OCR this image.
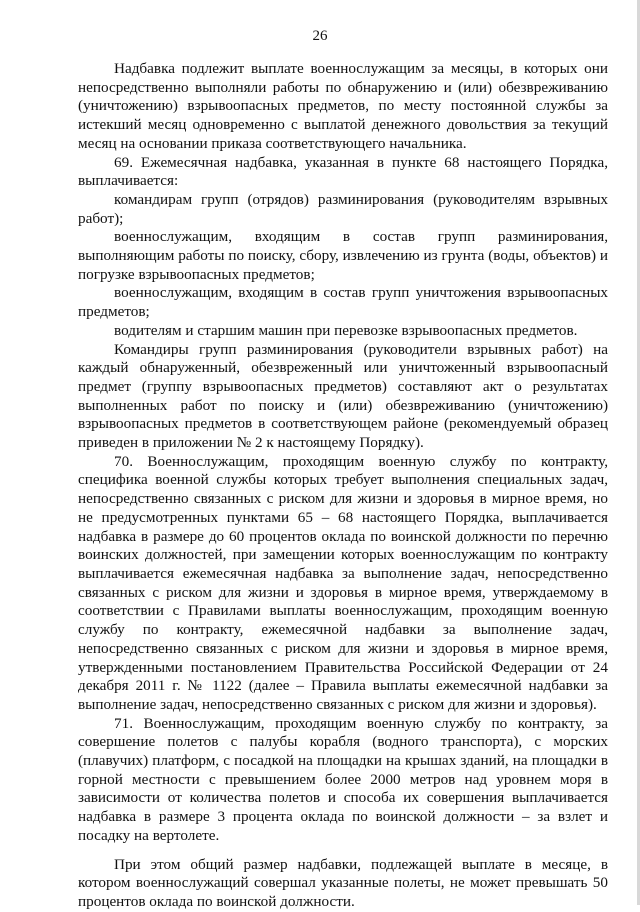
26

Надбавка подлежит выплате военнослужащим за месяцы, в которых они непосредственно выполняли работы по обнаружению и (или) обезвреживанию (уничтожению) взрывоопасных предметов, по месту постоянной службы за истекший месяц одновременно с выплатой денежного довольствия за текущий месяц на основании приказа соответствующего начальника.

69. Ежемесячная надбавка, указанная в пункте 68 настоящего Порядка, выплачивается:

командирам групп (отрядов) разминирования (руководителям взрывных работ);

военнослужащим, входящим в состав групп разминирования, выполняющим работы по поиску, сбору, извлечению из грунта (воды, объектов) и погрузке взрывоопасных предметов;

военнослужащим, входящим в состав групп уничтожения взрывоопасных предметов;

водителям и старшим машин при перевозке взрывоопасных предметов.

Командиры групп разминирования (руководители взрывных работ) на каждый обнаруженный, обезвреженный или уничтоженный взрывоопасный предмет (группу взрывоопасных предметов) составляют акт о результатах выполненных работ по поиску и (или) обезвреживанию (уничтожению) взрывоопасных предметов в соответствующем районе (рекомендуемый образец приведен в приложении № 2 к настоящему Порядку).

70. Военнослужащим, проходящим военную службу по контракту, специфика военной службы которых требует выполнения специальных задач, непосредственно связанных с риском для жизни и здоровья в мирное время, но не предусмотренных пунктами 65 – 68 настоящего Порядка, выплачивается надбавка в размере до 60 процентов оклада по воинской должности по перечню воинских должностей, при замещении которых военнослужащим по контракту выплачивается ежемесячная надбавка за выполнение задач, непосредственно связанных с риском для жизни и здоровья в мирное время, утверждаемому в соответствии с Правилами выплаты военнослужащим, проходящим военную службу по контракту, ежемесячной надбавки за выполнение задач, непосредственно связанных с риском для жизни и здоровья в мирное время, утвержденными постановлением Правительства Российской Федерации от 24 декабря 2011 г. № 1122 (далее – Правила выплаты ежемесячной надбавки за выполнение задач, непосредственно связанных с риском для жизни и здоровья).

71. Военнослужащим, проходящим военную службу по контракту, за совершение полетов с палубы корабля (водного транспорта), с морских (плавучих) платформ, с посадкой на площадки на крышах зданий, на площадки в горной местности с превышением более 2000 метров над уровнем моря в зависимости от количества полетов и способа их совершения выплачивается надбавка в размере 3 процента оклада по воинской должности – за взлет и посадку на вертолете.

При этом общий размер надбавки, подлежащей выплате в месяце, в котором военнослужащий совершал указанные полеты, не может превышать 50 процентов оклада по воинской должности.
